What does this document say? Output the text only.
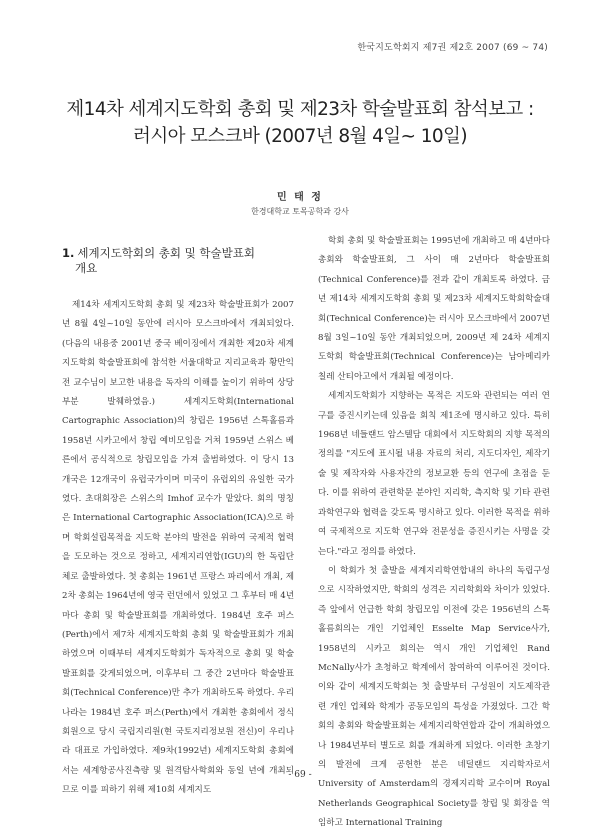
한국지도학회지 제7권 제2호 2007 (69 ~ 74)
제14차 세계지도학회 총회 및 제23차 학술발표회 참석보고 :
러시아 모스크바 (2007년 8월 4일~ 10일)
민 태 정
한경대학교 토목공학과 강사
1. 세계지도학회의 총회 및 학술발표회
개요

제14차 세계지도학회 총회 및 제23차 학술발표회가 2007년 8월 4일~10일 동안에 러시아 모스크바에서 개최되었다.(다음의 내용중 2001년 중국 베이징에서 개최한 제20차 세계지도학회 학술발표회에 참석한 서울대학교 지리교육과 황만익 전 교수님이 보고한 내용을 독자의 이해를 높이기 위하여 상당부분 발췌하였음.) 세계지도학회(International Cartographic Association)의 창립은 1956년 스톡홀름과 1958년 시카고에서 창립 예비모임을 거쳐 1959년 스위스 베른에서 공식적으로 창립모임을 가져 출범하였다. 이 당시 13개국은 12개국이 유럽국가이며 미국이 유럽외의 유일한 국가였다. 초대회장은 스위스의 Imhof 교수가 맡았다. 회의 명칭은 International Cartographic Association(ICA)으로 하며 학회설립목적을 지도학 분야의 발전을 위하여 국제적 협력을 도모하는 것으로 정하고, 세계지리연합(IGU)의 한 독립단체로 출발하였다. 첫 총회는 1961년 프랑스 파리에서 개최, 제2차 총회는 1964년에 영국 런던에서 있었고 그 후부터 매 4년마다 총회 및 학술발표회를 개최하였다. 1984년 호주 퍼스(Perth)에서 제7차 세계지도학회 총회 및 학술발표회가 개최하였으며 이때부터 세계지도학회가 독자적으로 총회 및 학술발표회를 갖게되었으며, 이후부터 그 중간 2년마다 학술발표회(Technical Conference)만 추가 개최하도록 하였다. 우리나라는 1984년 호주 퍼스(Perth)에서 개최한 총회에서 정식회원으로 당시 국립지리원(현 국토지리정보원 전신)이 우리나라 대표로 가입하였다. 제9차(1992년) 세계지도학회 총회에서는 세계항공사진측량 및 원격탐사학회와 동일 년에 개최되므로 이를 피하기 위해 제10회 세계지도

학회 총회 및 학술발표회는 1995년에 개최하고 매 4년마다 총회와 학술발표회, 그 사이 매 2년마다 학술발표회(Technical Conference)를 전과 같이 개최토록 하였다. 금년 제14차 세계지도학회 총회 및 제23차 세계지도학회학술대회(Technical Conference)는 러시아 모스크바에서 2007년 8월 3일~10일 동안 개최되었으며, 2009년 제 24차 세계지도학회 학술발표회(Technical Conference)는 남아메리카 칠레 산티아고에서 개최될 예정이다.

세계지도학회가 지향하는 목적은 지도와 관련되는 여러 연구를 증진시키는데 있음을 회칙 제1조에 명시하고 있다. 특히 1968년 네들랜드 암스텔담 대회에서 지도학회의 지향 목적의 정의를 "지도에 표시될 내용 자료의 처리, 지도디자인, 제작기술 및 제작자와 사용자간의 정보교환 등의 연구에 초점을 둔다. 이를 위하여 관련학문 분야인 지리학, 측지학 및 기타 관련 과학연구와 협력을 갖도록 명시하고 있다. 이러한 목적을 위하여 국제적으로 지도학 연구와 전문성을 증진시키는 사명을 갖는다."라고 정의를 하였다.

이 학회가 첫 출발을 세계지리학연합내의 하나의 독립구성으로 시작하였지만, 학회의 성격은 지리학회와 차이가 있었다. 즉 앞에서 언급한 학회 창립모임 이전에 갖은 1956년의 스톡홀름회의는 개인 기업체인 Esselte Map Service사가, 1958년의 시카고 회의는 역시 개인 기업체인 Rand McNally사가 초청하고 학계에서 참여하여 이루어진 것이다. 이와 같이 세계지도학회는 첫 출발부터 구성원이 지도제작관련 개인 업체와 학계가 공동모임의 특성을 가졌었다. 그간 학회의 총회와 학술발표회는 세계지리학연합과 같이 개최하였으나 1984년부터 별도로 회를 개최하게 되었다. 이러한 초창기의 발전에 크게 공헌한 분은 네덜랜드 지리학자로서 University of Amsterdam의 경제지리학 교수이며 Royal Netherlands Geographical Society를 창립 및 회장을 역임하고 International Training

- 69 -
